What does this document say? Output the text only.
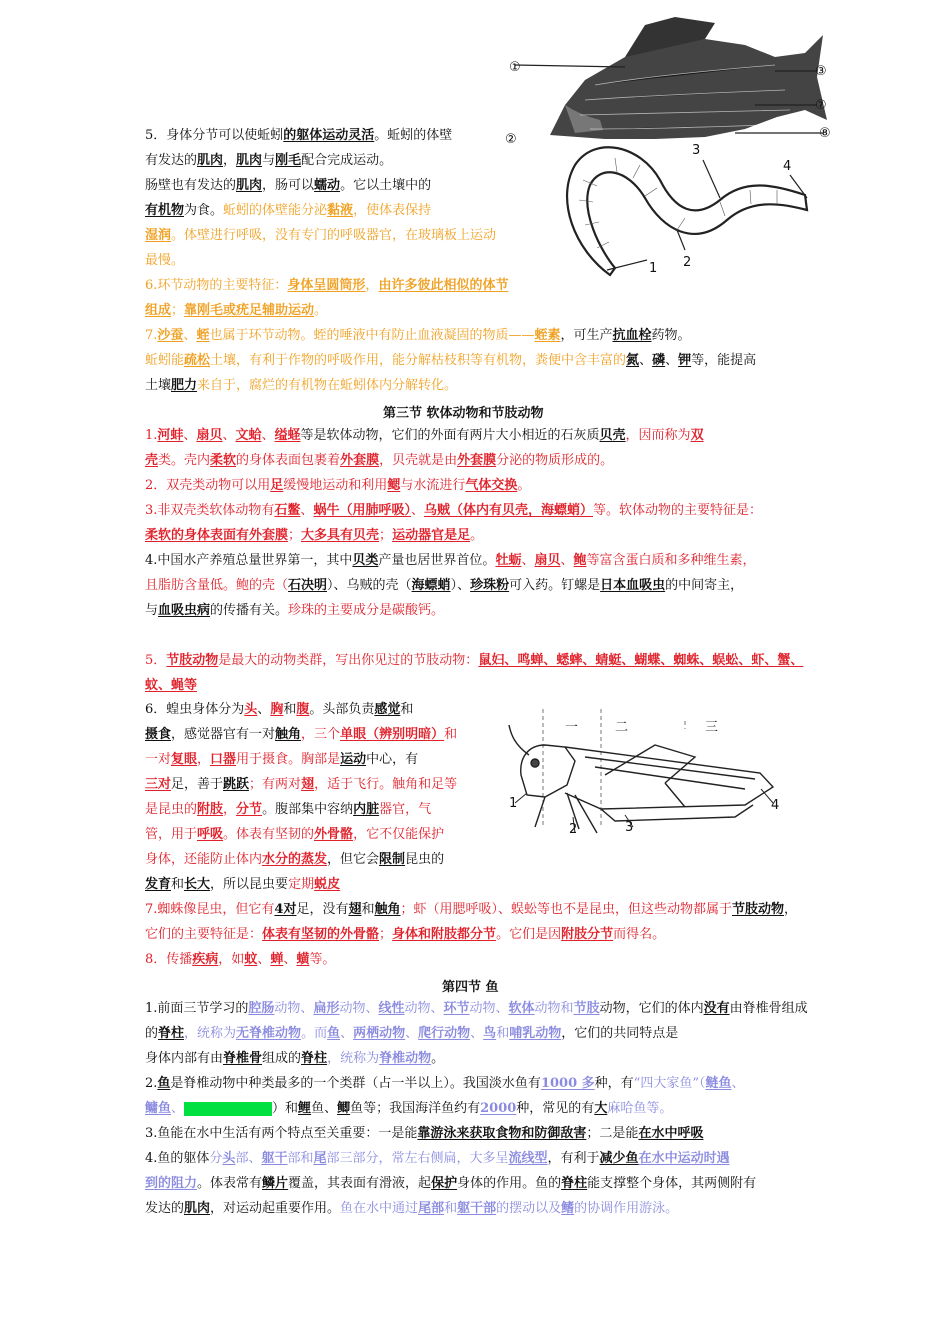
①	③
⑦
⑧
②
1 2
3
4
5．身体分节可以使蚯蚓的躯体运动灵活。蚯蚓的体壁
有发达的肌肉，肌肉与刚毛配合完成运动。
肠壁也有发达的肌肉，肠可以蠕动。它以土壤中的
有机物为食。蚯蚓的体壁能分泌黏液，使体表保持
湿润。体壁进行呼吸，没有专门的呼吸器官，在玻璃板上运动
最慢。
6.环节动物的主要特征：身体呈圆筒形，由许多彼此相似的体节
组成；靠刚毛或疣足辅助运动。
7.沙蚕、蛭也属于环节动物。蛭的唾液中有防止血液凝固的物质——蛭素，可生产抗血栓药物。
蚯蚓能疏松土壤，有利于作物的呼吸作用，能分解枯枝积等有机物，粪便中含丰富的氮、磷、钾等，能提高
土壤肥力来自于，腐烂的有机物在蚯蚓体内分解转化。
第三节 软体动物和节肢动物
1.河蚌、扇贝、文蛤、缢蛏等是软体动物，它们的外面有两片大小相近的石灰质贝壳，因而称为双
壳类。壳内柔软的身体表面包裹着外套膜，贝壳就是由外套膜分泌的物质形成的。
2．双壳类动物可以用足缓慢地运动和利用鳃与水流进行气体交换。
3.非双壳类软体动物有石鳖、蜗牛（用肺呼吸）、乌贼（体内有贝壳，海螵蛸）等。软体动物的主要特征是：
柔软的身体表面有外套膜；大多具有贝壳；运动器官是足。
4.中国水产养殖总量世界第一，其中贝类产量也居世界首位。牡蛎、扇贝、鲍等富含蛋白质和多种维生素，
且脂肪含量低。鲍的壳（石决明）、乌贼的壳（海螵蛸）、珍珠粉可入药。钉螺是日本血吸虫的中间寄主，
与血吸虫病的传播有关。珍珠的主要成分是碳酸钙。
5．节肢动物是最大的动物类群，写出你见过的节肢动物：鼠妇、鸣蝉、蟋蟀、蜻蜓、蝴蝶、蜘蛛、蜈蚣、虾、蟹、
蚊、蝇等
一	二	三
1
2	3
4
6．蝗虫身体分为头、胸和腹。头部负责感觉和
摄食，感觉器官有一对触角，三个单眼（辨别明暗）和
一对复眼，口器用于摄食。胸部是运动中心，有
三对足，善于跳跃；有两对翅，适于飞行。触角和足等
是昆虫的附肢，分节。腹部集中容纳内脏器官，气
管，用于呼吸。体表有坚韧的外骨骼，它不仅能保护
身体，还能防止体内水分的蒸发，但它会限制昆虫的
发育和长大，所以昆虫要定期蜕皮
7.蜘蛛像昆虫，但它有4对足，没有翅和触角；虾（用腮呼吸）、蜈蚣等也不是昆虫，但这些动物都属于节肢动物，
它们的主要特征是：体表有坚韧的外骨骼；身体和附肢都分节。它们是因附肢分节而得名。
8．传播疾病，如蚊、蝉、蟥等。
第四节 鱼
1.前面三节学习的腔肠动物、扁形动物、线性动物、环节动物、软体动物和节肢动物，它们的体内没有由脊椎骨组成
的脊柱，统称为无脊椎动物。而鱼、两栖动物、爬行动物、鸟和哺乳动物，它们的共同特点是
身体内部有由脊椎骨组成的脊柱，统称为脊椎动物。
2.鱼是脊椎动物中种类最多的一个类群（占一半以上）。我国淡水鱼有1000 多种，有“四大家鱼”（鲢鱼、
鳙鱼、	）和鲤鱼、鲫鱼等；我国海洋鱼约有2000种，常见的有大麻哈鱼等。
3.鱼能在水中生活有两个特点至关重要：一是能靠游泳来获取食物和防御敌害；二是能在水中呼吸
4.鱼的躯体分头部、躯干部和尾部三部分，常左右侧扁，大多呈流线型，有利于减少鱼在水中运动时遇
到的阻力。体表常有鳞片覆盖，其表面有滑液，起保护身体的作用。鱼的脊柱能支撑整个身体，其两侧附有
发达的肌肉，对运动起重要作用。鱼在水中通过尾部和躯干部的摆动以及鳍的协调作用游泳。
